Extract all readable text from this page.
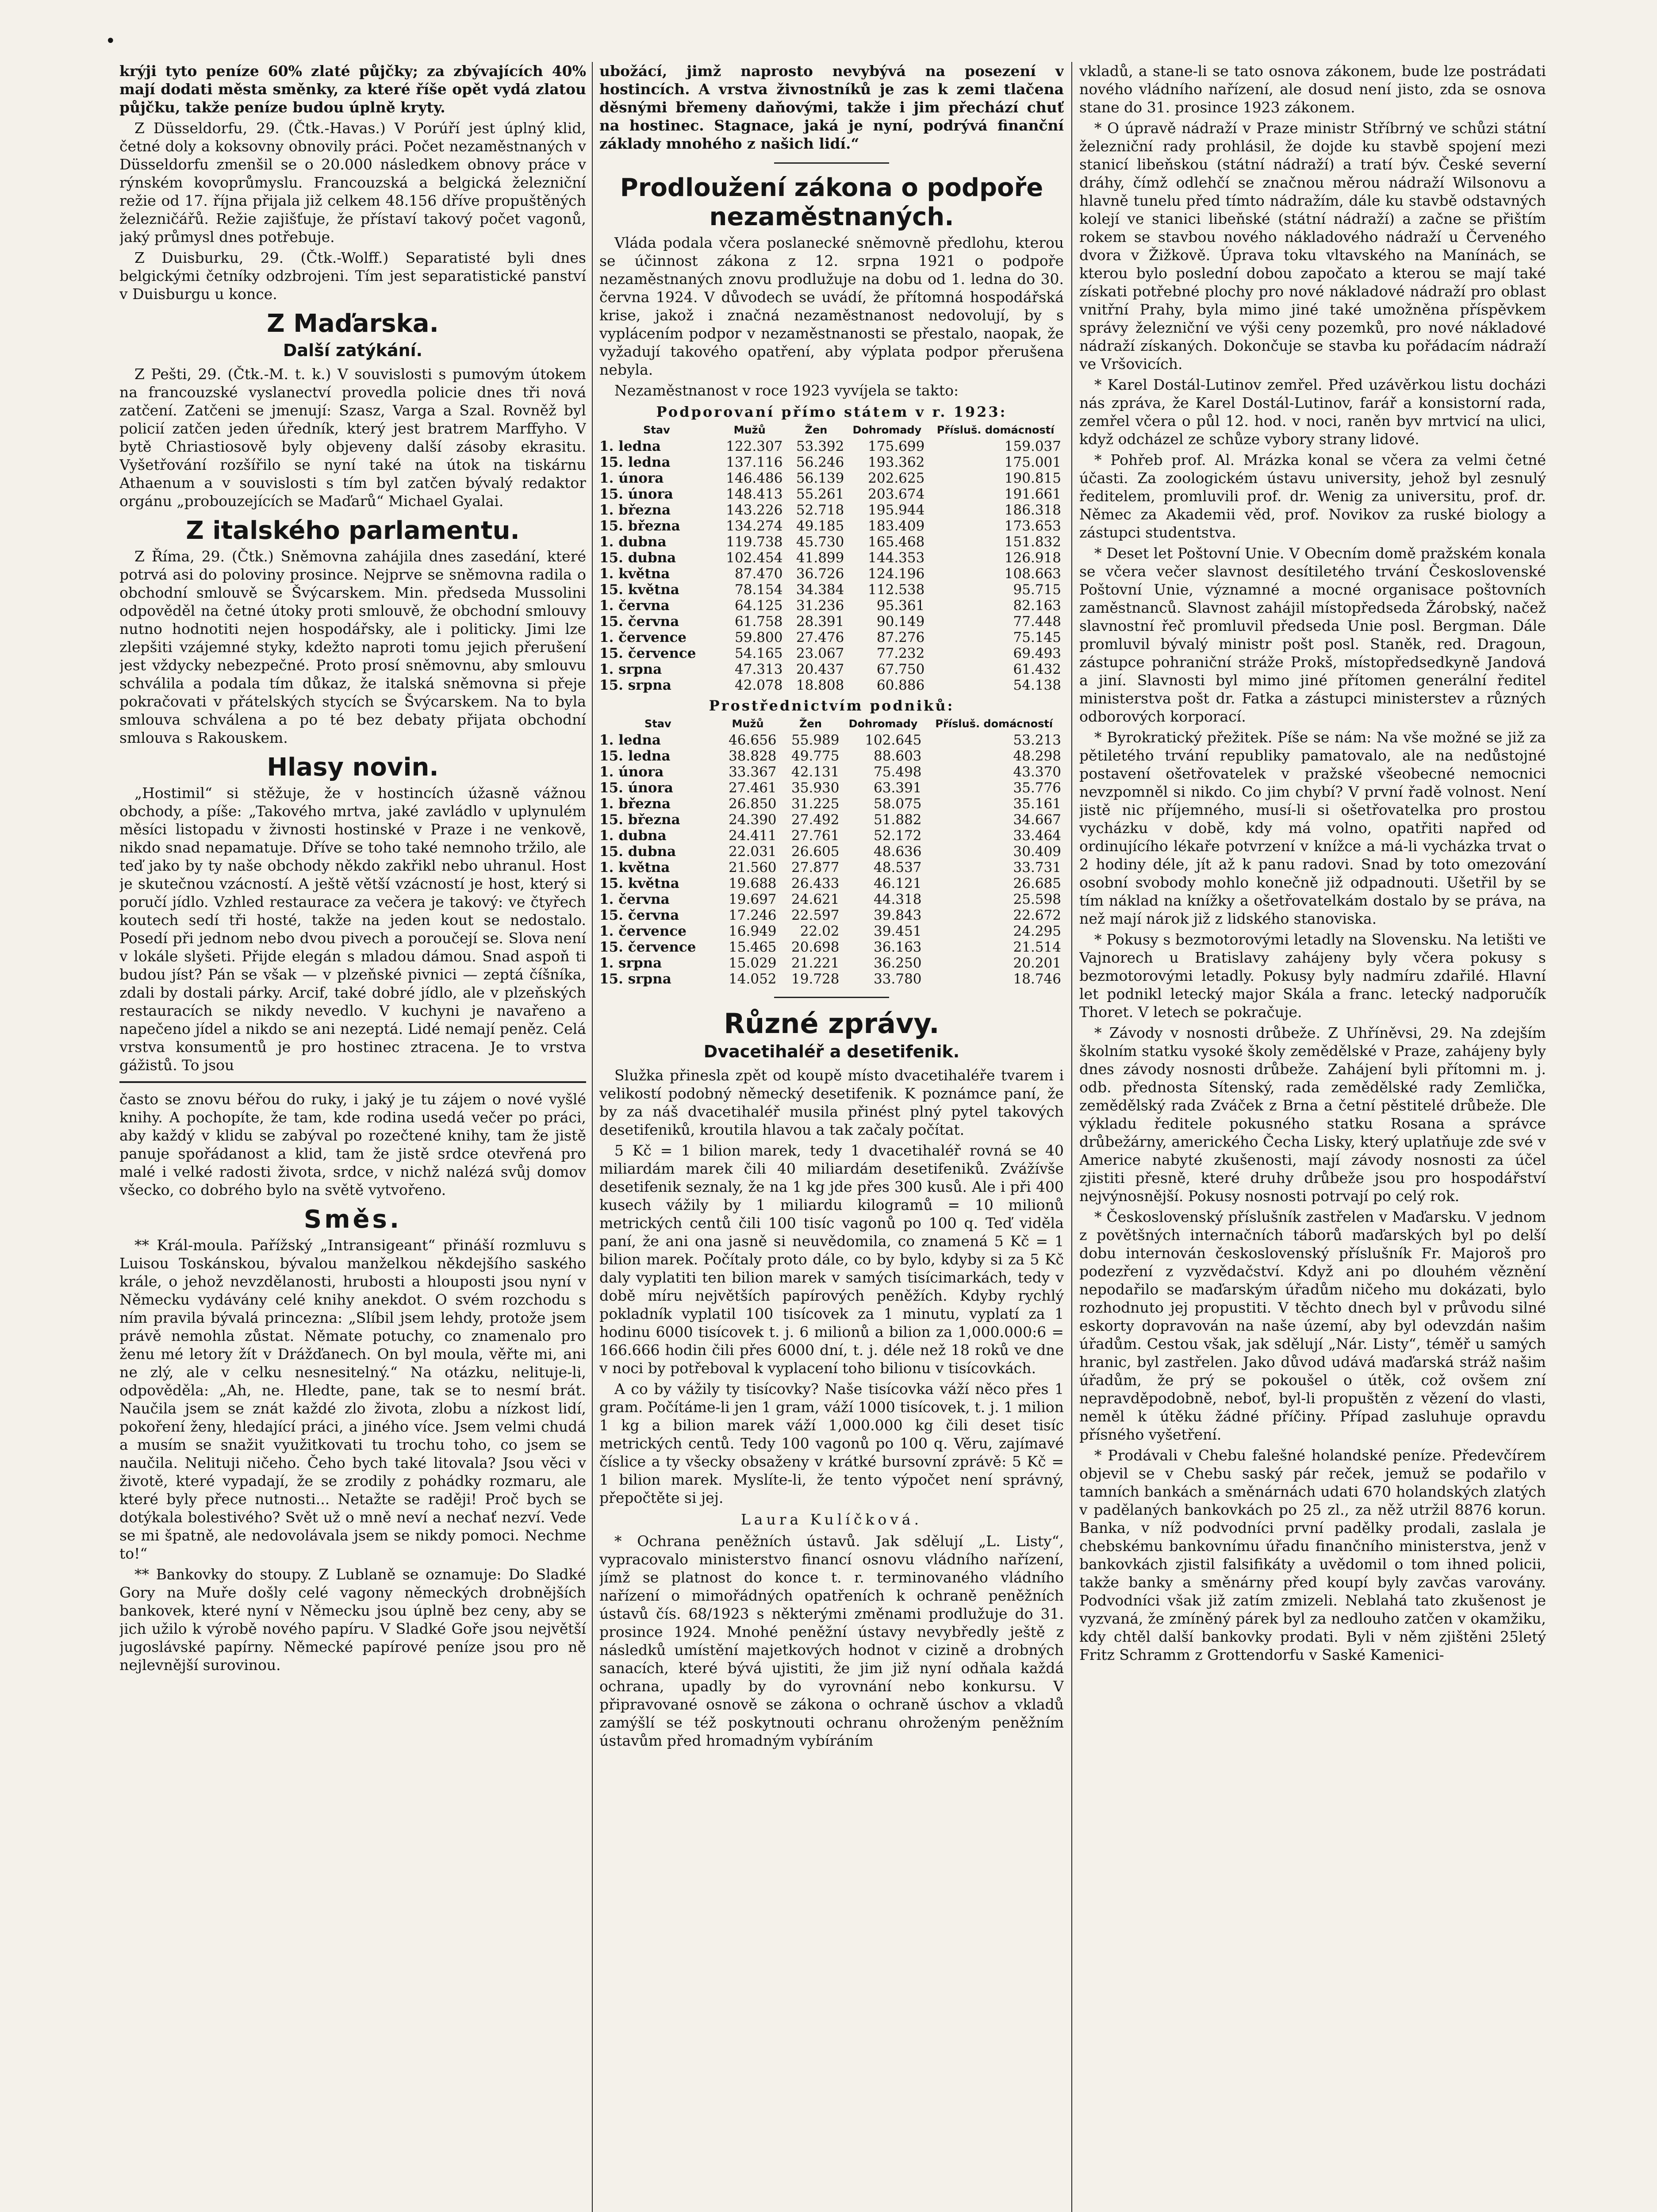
•

krýji tyto peníze 60% zlaté půjčky; za zbývajících 40% mají dodati města směnky, za které říše opět vydá zlatou půjčku, takže peníze budou úplně kryty.

Z Düsseldorfu, 29. (Čtk.-Havas.) V Porúří jest úplný klid, četné doly a koksovny obnovily práci. Počet nezaměstnaných v Düsseldorfu zmenšil se o 20.000 následkem obnovy práce v rýnském kovoprůmyslu. Francouzská a belgická železniční režie od 17. října přijala již celkem 48.156 dříve propuštěných železničářů. Režie zajišťuje, že přístaví takový počet vagonů, jaký průmysl dnes potřebuje.

Z Duisburku, 29. (Čtk.-Wolff.) Separatisté byli dnes belgickými četníky odzbrojeni. Tím jest separatistické panství v Duisburgu u konce.

Z Maďarska.
Další zatýkání.

Z Pešti, 29. (Čtk.-M. t. k.) V souvislosti s pumovým útokem na francouzské vyslanectví provedla policie dnes tři nová zatčení. Zatčeni se jmenují: Szasz, Varga a Szal. Rovněž byl policií zatčen jeden úředník, který jest bratrem Marffyho. V bytě Chriastiosově byly objeveny další zásoby ekrasitu. Vyšetřování rozšířilo se nyní také na útok na tiskárnu Athaenum a v souvislosti s tím byl zatčen bývalý redaktor orgánu „probouzejících se Maďarů“ Michael Gyalai.

Z italského parlamentu.

Z Říma, 29. (Čtk.) Sněmovna zahájila dnes zasedání, které potrvá asi do poloviny prosince. Nejprve se sněmovna radila o obchodní smlouvě se Švýcarskem. Min. předseda Mussolini odpověděl na četné útoky proti smlouvě, že obchodní smlouvy nutno hodnotiti nejen hospodářsky, ale i politicky. Jimi lze zlepšiti vzájemné styky, kdežto naproti tomu jejich přerušení jest vždycky nebezpečné. Proto prosí sněmovnu, aby smlouvu schválila a podala tím důkaz, že italská sněmovna si přeje pokračovati v přátelských stycích se Švýcarskem. Na to byla smlouva schválena a po té bez debaty přijata obchodní smlouva s Rakouskem.

Hlasy novin.

„Hostimil“ si stěžuje, že v hostincích úžasně vážnou obchody, a píše: „Takového mrtva, jaké zavládlo v uplynulém měsíci listopadu v živnosti hostinské v Praze i ne venkově, nikdo snad nepamatuje. Dříve se toho také nemnoho tržilo, ale teď jako by ty naše obchody někdo zakřikl nebo uhranul. Host je skutečnou vzácností. A ještě větší vzácností je host, který si poručí jídlo. Vzhled restaurace za večera je takový: ve čtyřech koutech sedí tři hosté, takže na jeden kout se nedostalo. Posedí při jednom nebo dvou pivech a poroučejí se. Slova není v lokále slyšeti. Přijde elegán s mladou dámou. Snad aspoň ti budou jíst? Pán se však — v plzeňské pivnici — zeptá číšníka, zdali by dostali párky. Arcif, také dobré jídlo, ale v plzeňských restauracích se nikdy nevedlo. V kuchyni je navařeno a napečeno jídel a nikdo se ani nezeptá. Lidé nemají peněz. Celá vrstva konsumentů je pro hostinec ztracena. Je to vrstva gážistů. To jsou

často se znovu béřou do ruky, i jaký je tu zájem o nové vyšlé knihy. A pochopíte, že tam, kde rodina usedá večer po práci, aby každý v klidu se zabýval po rozečtené knihy, tam že jistě panuje spořádanost a klid, tam že jistě srdce otevřená pro malé i velké radosti života, srdce, v nichž nalézá svůj domov všecko, co dobrého bylo na světě vytvořeno.

Směs.

** Král-moula. Pařížský „Intransigeant“ přináší rozmluvu s Luisou Toskánskou, bývalou manželkou někdejšího saského krále, o jehož nevzdělanosti, hrubosti a hlouposti jsou nyní v Německu vydávány celé knihy anekdot. O svém rozchodu s ním pravila bývalá princezna: „Slíbil jsem lehdy, protože jsem právě nemohla zůstat. Němate potuchy, co znamenalo pro ženu mé letory žít v Drážďanech. On byl moula, věřte mi, ani ne zlý, ale v celku nesnesitelný.“ Na otázku, nelituje-li, odpověděla: „Ah, ne. Hledte, pane, tak se to nesmí brát. Naučila jsem se znát každé zlo života, zlobu a nízkost lidí, pokoření ženy, hledající práci, a jiného více. Jsem velmi chudá a musím se snažit využitkovati tu trochu toho, co jsem se naučila. Nelituji ničeho. Čeho bych také litovala? Jsou věci v životě, které vypadají, že se zrodily z pohádky rozmaru, ale které byly přece nutnosti... Netažte se raději! Proč bych se dotýkala bolestivého? Svět už o mně neví a nechať nezví. Vede se mi špatně, ale nedovolávala jsem se nikdy pomoci. Nechme to!“

** Bankovky do stoupy. Z Lublaně se oznamuje: Do Sladké Gory na Muře došly celé vagony německých drobnějších bankovek, které nyní v Německu jsou úplně bez ceny, aby se jich užilo k výrobě nového papíru. V Sladké Goře jsou největší jugoslávské papírny. Německé papírové peníze jsou pro ně nejlevnější surovinou.

ubožácí, jimž naprosto nevybývá na posezení v hostincích. A vrstva živnostníků je zas k zemi tlačena děsnými břemeny daňovými, takže i jim přechází chuť na hostinec. Stagnace, jaká je nyní, podrývá finanční základy mnohého z našich lidí.“

Prodloužení zákona o podpoře nezaměstnaných.

Vláda podala včera poslanecké sněmovně předlohu, kterou se účinnost zákona z 12. srpna 1921 o podpoře nezaměstnaných znovu prodlužuje na dobu od 1. ledna do 30. června 1924. V důvodech se uvádí, že přítomná hospodářská krise, jakož i značná nezaměstnanost nedovolují, by s vyplácením podpor v nezaměstnanosti se přestalo, naopak, že vyžadují takového opatření, aby výplata podpor přerušena nebyla.

Nezaměstnanost v roce 1923 vyvíjela se takto:

Podporovaní přímo státem v r. 1923:
Stav	Mužů	Žen	Dohromady	Přísluš. domácností
1. ledna	122.307	53.392	175.699	159.037
15. ledna	137.116	56.246	193.362	175.001
1. února	146.486	56.139	202.625	190.815
15. února	148.413	55.261	203.674	191.661
1. března	143.226	52.718	195.944	186.318
15. března	134.274	49.185	183.409	173.653
1. dubna	119.738	45.730	165.468	151.832
15. dubna	102.454	41.899	144.353	126.918
1. května	87.470	36.726	124.196	108.663
15. května	78.154	34.384	112.538	95.715
1. června	64.125	31.236	95.361	82.163
15. června	61.758	28.391	90.149	77.448
1. července	59.800	27.476	87.276	75.145
15. července	54.165	23.067	77.232	69.493
1. srpna	47.313	20.437	67.750	61.432
15. srpna	42.078	18.808	60.886	54.138
Prostřednictvím podniků:
Stav	Mužů	Žen	Dohromady	Přísluš. domácností
1. ledna	46.656	55.989	102.645	53.213
15. ledna	38.828	49.775	88.603	48.298
1. února	33.367	42.131	75.498	43.370
15. února	27.461	35.930	63.391	35.776
1. března	26.850	31.225	58.075	35.161
15. března	24.390	27.492	51.882	34.667
1. dubna	24.411	27.761	52.172	33.464
15. dubna	22.031	26.605	48.636	30.409
1. května	21.560	27.877	48.537	33.731
15. května	19.688	26.433	46.121	26.685
1. června	19.697	24.621	44.318	25.598
15. června	17.246	22.597	39.843	22.672
1. července	16.949	22.02	39.451	24.295
15. července	15.465	20.698	36.163	21.514
1. srpna	15.029	21.221	36.250	20.201
15. srpna	14.052	19.728	33.780	18.746
Různé zprávy.
Dvacetihaléř a desetifenik.

Služka přinesla zpět od koupě místo dvacetihaléře tvarem i velikostí podobný německý desetifenik. K poznámce paní, že by za náš dvacetihaléř musila přinést plný pytel takových desetifeniků, kroutila hlavou a tak začaly počítat.

5 Kč = 1 bilion marek, tedy 1 dvacetihaléř rovná se 40 miliardám marek čili 40 miliardám desetifeniků. Zvážívše desetifenik seznaly, že na 1 kg jde přes 300 kusů. Ale i při 400 kusech vážily by 1 miliardu kilogramů = 10 milionů metrických centů čili 100 tisíc vagonů po 100 q. Teď viděla paní, že ani ona jasně si neuvědomila, co znamená 5 Kč = 1 bilion marek. Počítaly proto dále, co by bylo, kdyby si za 5 Kč daly vyplatiti ten bilion marek v samých tisícimarkách, tedy v době míru největších papírových peněžích. Kdyby rychlý pokladník vyplatil 100 tisícovek za 1 minutu, vyplatí za 1 hodinu 6000 tisícovek t. j. 6 milionů a bilion za 1,000.000:6 = 166.666 hodin čili přes 6000 dní, t. j. déle než 18 roků ve dne v noci by potřeboval k vyplacení toho bilionu v tisícovkách.

A co by vážily ty tisícovky? Naše tisícovka váží něco přes 1 gram. Počítáme-li jen 1 gram, váží 1000 tisícovek, t. j. 1 milion 1 kg a bilion marek váží 1,000.000 kg čili deset tisíc metrických centů. Tedy 100 vagonů po 100 q. Věru, zajímavé číslice a ty všecky obsaženy v krátké bursovní zprávě: 5 Kč = 1 bilion marek. Myslíte-li, že tento výpočet není správný, přepočtěte si jej.

Laura Kulíčková.

* Ochrana peněžních ústavů. Jak sdělují „L. Listy“, vypracovalo ministerstvo financí osnovu vládního nařízení, jímž se platnost do konce t. r. terminovaného vládního nařízení o mimořádných opatřeních k ochraně peněžních ústavů čís. 68/1923 s některými změnami prodlužuje do 31. prosince 1924. Mnohé peněžní ústavy nevybředly ještě z následků umístění majetkových hodnot v cizině a drobných sanacích, které bývá ujistiti, že jim již nyní odňala každá ochrana, upadly by do vyrovnání nebo konkursu. V připravované osnově se zákona o ochraně úschov a vkladů zamýšlí se též poskytnouti ochranu ohroženým peněžním ústavům před hromadným vybíráním

vkladů, a stane-li se tato osnova zákonem, bude lze postrádati nového vládního nařízení, ale dosud není jisto, zda se osnova stane do 31. prosince 1923 zákonem.

* O úpravě nádraží v Praze ministr Stříbrný ve schůzi státní železniční rady prohlásil, že dojde ku stavbě spojení mezi stanicí libeňskou (státní nádraží) a tratí býv. České severní dráhy, čímž odlehčí se značnou měrou nádraží Wilsonovu a hlavně tunelu před tímto nádražím, dále ku stavbě odstavných kolejí ve stanici libeňské (státní nádraží) a začne se přištím rokem se stavbou nového nákladového nádraží u Červeného dvora v Žižkově. Úprava toku vltavského na Manínách, se kterou bylo poslední dobou započato a kterou se mají také získati potřebné plochy pro nové nákladové nádraží pro oblast vnitřní Prahy, byla mimo jiné také umožněna příspěvkem správy železniční ve výši ceny pozemků, pro nové nákladové nádraží získaných. Dokončuje se stavba ku pořádacím nádraží ve Vršovicích.

* Karel Dostál-Lutinov zemřel. Před uzávěrkou listu docházi nás zpráva, že Karel Dostál-Lutinov, farář a konsistorní rada, zemřel včera o půl 12. hod. v noci, raněn byv mrtvicí na ulici, když odcházel ze schůze vybory strany lidové.

* Pohřeb prof. Al. Mrázka konal se včera za velmi četné účasti. Za zoologickém ústavu university, jehož byl zesnulý ředitelem, promluvili prof. dr. Wenig za universitu, prof. dr. Němec za Akademii věd, prof. Novikov za ruské biology a zástupci studentstva.

* Deset let Poštovní Unie. V Obecním domě pražském konala se včera večer slavnost desítiletého trvání Československé Poštovní Unie, významné a mocné organisace poštovních zaměstnanců. Slavnost zahájil místopředseda Žárobský, načež slavnostní řeč promluvil předseda Unie posl. Bergman. Dále promluvil bývalý ministr pošt posl. Staněk, red. Dragoun, zástupce pohraniční stráže Prokš, místopředsedkyně Jandová a jiní. Slavnosti byl mimo jiné přítomen generální ředitel ministerstva pošt dr. Fatka a zástupci ministerstev a různých odborových korporací.

* Byrokratický přežitek. Píše se nám: Na vše možné se již za pětiletého trvání republiky pamatovalo, ale na nedůstojné postavení ošetřovatelek v pražské všeobecné nemocnici nevzpomněl si nikdo. Co jim chybí? V první řadě volnost. Není jistě nic příjemného, musí-li si ošetřovatelka pro prostou vycházku v době, kdy má volno, opatřiti napřed od ordinujícího lékaře potvrzení v knížce a má-li vycházka trvat o 2 hodiny déle, jít až k panu radovi. Snad by toto omezování osobní svobody mohlo konečně již odpadnouti. Ušetřil by se tím náklad na knížky a ošetřovatelkám dostalo by se práva, na než mají nárok již z lidského stanoviska.

* Pokusy s bezmotorovými letadly na Slovensku. Na letišti ve Vajnorech u Bratislavy zahájeny byly včera pokusy s bezmotorovými letadly. Pokusy byly nadmíru zdařilé. Hlavní let podnikl letecký major Skála a franc. letecký nadporučík Thoret. V letech se pokračuje.

* Závody v nosnosti drůbeže. Z Uhříněvsi, 29. Na zdejším školním statku vysoké školy zemědělské v Praze, zahájeny byly dnes závody nosnosti drůbeže. Zahájení byli přítomni m. j. odb. přednosta Sítenský, rada zemědělské rady Zemlička, zemědělský rada Zváček z Brna a četní pěstitelé drůbeže. Dle výkladu ředitele pokusného statku Rosana a správce drůbežárny, amerického Čecha Lisky, který uplatňuje zde své v Americe nabyté zkušenosti, mají závody nosnosti za účel zjistiti přesně, které druhy drůbeže jsou pro hospodářství nejvýnosnější. Pokusy nosnosti potrvají po celý rok.

* Československý příslušník zastřelen v Maďarsku. V jednom z povětšných internačních táborů maďarských byl po delší dobu internován československý příslušník Fr. Majoroš pro podezření z vyzvědačství. Když ani po dlouhém věznění nepodařilo se maďarským úřadům ničeho mu dokázati, bylo rozhodnuto jej propustiti. V těchto dnech byl v průvodu silné eskorty dopravován na naše území, aby byl odevzdán našim úřadům. Cestou však, jak sdělují „Nár. Listy“, téměř u samých hranic, byl zastřelen. Jako důvod udává maďarská stráž našim úřadům, že prý se pokoušel o útěk, což ovšem zní nepravděpodobně, neboť, byl-li propuštěn z vězení do vlasti, neměl k útěku žádné příčiny. Případ zasluhuje opravdu přísného vyšetření.

* Prodávali v Chebu falešné holandské peníze. Předevčírem objevil se v Chebu saský pár reček, jemuž se podařilo v tamních bankách a směnárnách udati 670 holandských zlatých v padělaných bankovkách po 25 zl., za něž utržil 8876 korun. Banka, v níž podvodníci první padělky prodali, zaslala je chebskému bankovnímu úřadu finančního ministerstva, jenž v bankovkách zjistil falsifikáty a uvědomil o tom ihned policii, takže banky a směnárny před koupí byly zavčas varovány. Podvodníci však již zatím zmizeli. Neblahá tato zkušenost je vyzvaná, že zmíněný párek byl za nedlouho zatčen v okamžiku, kdy chtěl další bankovky prodati. Byli v něm zjištěni 25letý Fritz Schramm z Grottendorfu v Saské Kamenici-
